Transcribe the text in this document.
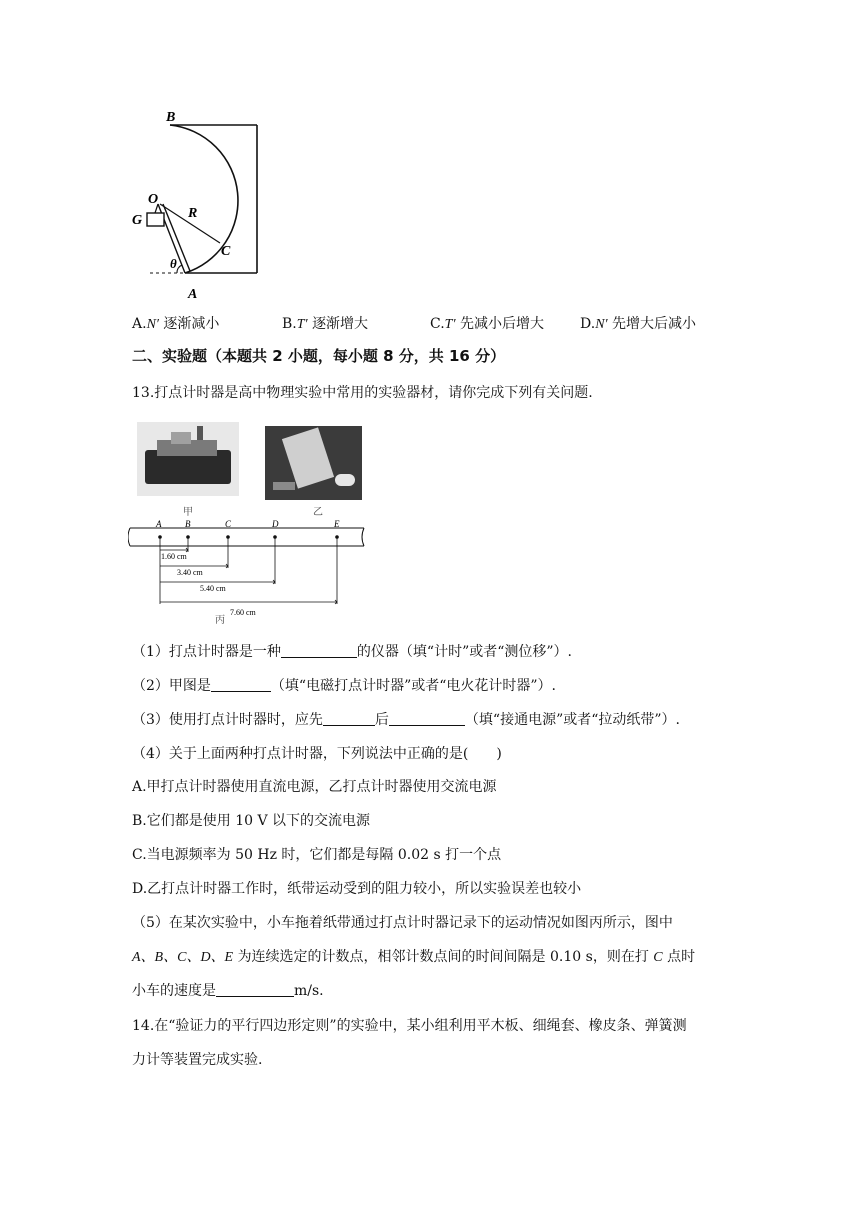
B
O
R
G
C
θ
A
A.N′ 逐渐减小	B.T′ 逐渐增大	C.T′ 先减小后增大	D.N′ 先增大后减小
二、实验题（本题共 2 小题，每小题 8 分，共 16 分）
13.打点计时器是高中物理实验中常用的实验器材，请你完成下列有关问题.
甲	乙
A	B	C	D	E
1.60 cm
3.40 cm
5.40 cm
7.60 cm
丙
（1）打点计时器是一种	的仪器（填“计时”或者“测位移”）.
（2）甲图是	（填“电磁打点计时器”或者“电火花计时器”）.
（3）使用打点计时器时，应先	后	（填“接通电源”或者“拉动纸带”）.
（4）关于上面两种打点计时器，下列说法中正确的是(　　)
A.甲打点计时器使用直流电源，乙打点计时器使用交流电源
B.它们都是使用 10 V 以下的交流电源
C.当电源频率为 50 Hz 时，它们都是每隔 0.02 s 打一个点
D.乙打点计时器工作时，纸带运动受到的阻力较小，所以实验误差也较小
（5）在某次实验中，小车拖着纸带通过打点计时器记录下的运动情况如图丙所示，图中
A、B、C、D、E 为连续选定的计数点，相邻计数点间的时间间隔是 0.10 s，则在打 C 点时
小车的速度是	m/s.
14.在“验证力的平行四边形定则”的实验中，某小组利用平木板、细绳套、橡皮条、弹簧测
力计等装置完成实验.
